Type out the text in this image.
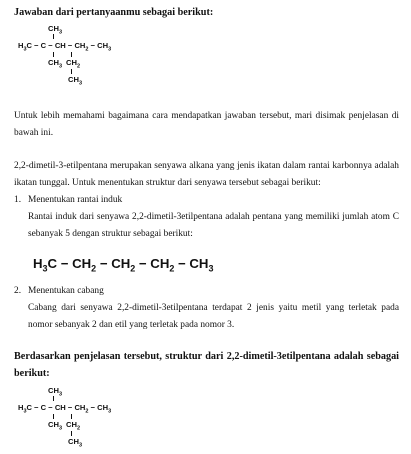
Jawaban dari pertanyaanmu sebagai berikut:

$CH_3$
$H_3C - C$ − CH − $CH_2 - CH_3$
$CH_3$ $CH_2$
$CH_3$

Untuk lebih memahami bagaimana cara mendapatkan jawaban tersebut, mari disimak penjelasan di bawah ini.

2,2-dimetil-3-etilpentana merupakan senyawa alkana yang jenis ikatan dalam rantai karbonnya adalah ikatan tunggal. Untuk menentukan struktur dari senyawa tersebut sebagai berikut:

1. Menentukan rantai induk

Rantai induk dari senyawa 2,2-dimetil-3etilpentana adalah pentana yang memiliki jumlah atom C sebanyak 5 dengan struktur sebagai berikut:

$H_3C - CH_2 - CH_2 - CH_2 - CH_3$
2. Menentukan cabang

Cabang dari senyawa 2,2-dimetil-3etilpentana terdapat 2 jenis yaitu metil yang terletak pada nomor sebanyak 2 dan etil yang terletak pada nomor 3.

Berdasarkan penjelasan tersebut, struktur dari 2,2-dimetil-3etilpentana adalah sebagai berikut:

$CH_3$
$H_3C - C$ − CH − $CH_2 - CH_3$
$CH_3$ $CH_2$
$CH_3$
